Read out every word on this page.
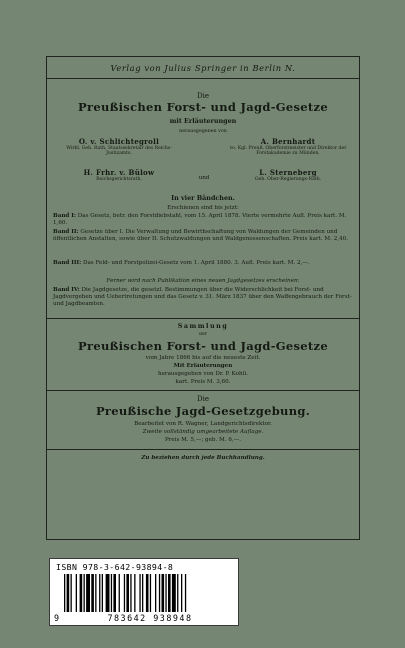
Verlag von Julius Springer in Berlin N.
Die
Preußischen Forst- und Jagd-Gesetze
mit Erläuterungen
herausgegeben von
O. v. Schlichtegroll
Wirkl. Geh. Rath, Staatssekretair des Reichs-Justizamts.
A. Bernhardt
vo. Kgl. Preuß. Oberforstmeister und Direktor der Forstakademie zu Münden.
und
H. Frhr. v. Bülow
Reichsgerichtsrath.
L. Sterneberg
Geh. Ober-Regierungs-Rath.
In vier Bändchen.
Erschienen sind bis jetzt:
Band I: Das Gesetz, betr. den Forstdiebstahl, vom 15. April 1878. Vierte vermehrte Aufl. Preis kart. M. 1,60.
Band II: Gesetze über I. Die Verwaltung und Bewirthschaftung von Waldungen der Gemeinden und öffentlichen Anstalten, sowie über II. Schutzwaldungen und Waldgenossenschaften. Preis kart. M. 2,40.
Band III: Das Feld- und Forstpolizei-Gesetz vom 1. April 1880. 3. Aufl. Preis kart. M. 2,—.
Ferner wird nach Publikation eines neuen Jagdgesetzes erscheinen:
Band IV: Die Jagdgesetze, die gesetzl. Bestimmungen über die Widerschlichkeit bei Forst- und Jagdvergehen und Uebertretungen und das Gesetz v. 31. März 1837 über den Waffengebrauch der Forst- und Jagdbeamten.
Sammlung
der
Preußischen Forst- und Jagd-Gesetze
vom Jahre 1866 bis auf die neueste Zeit.
Mit Erläuterungen
herausgegeben von Dr. P. Kohli.
kart. Preis M. 3,60.
Die
Preußische Jagd-Gesetzgebung.
Bearbeitet von R. Wagner, Landgerichtsdirektor.
Zweite vollständig umgearbeitete Auflage.
Preis M. 5,—; geb. M. 6,—.
Zu beziehen durch jede Buchhandlung.
ISBN 978-3-642-93894-8
9	783642 938948
